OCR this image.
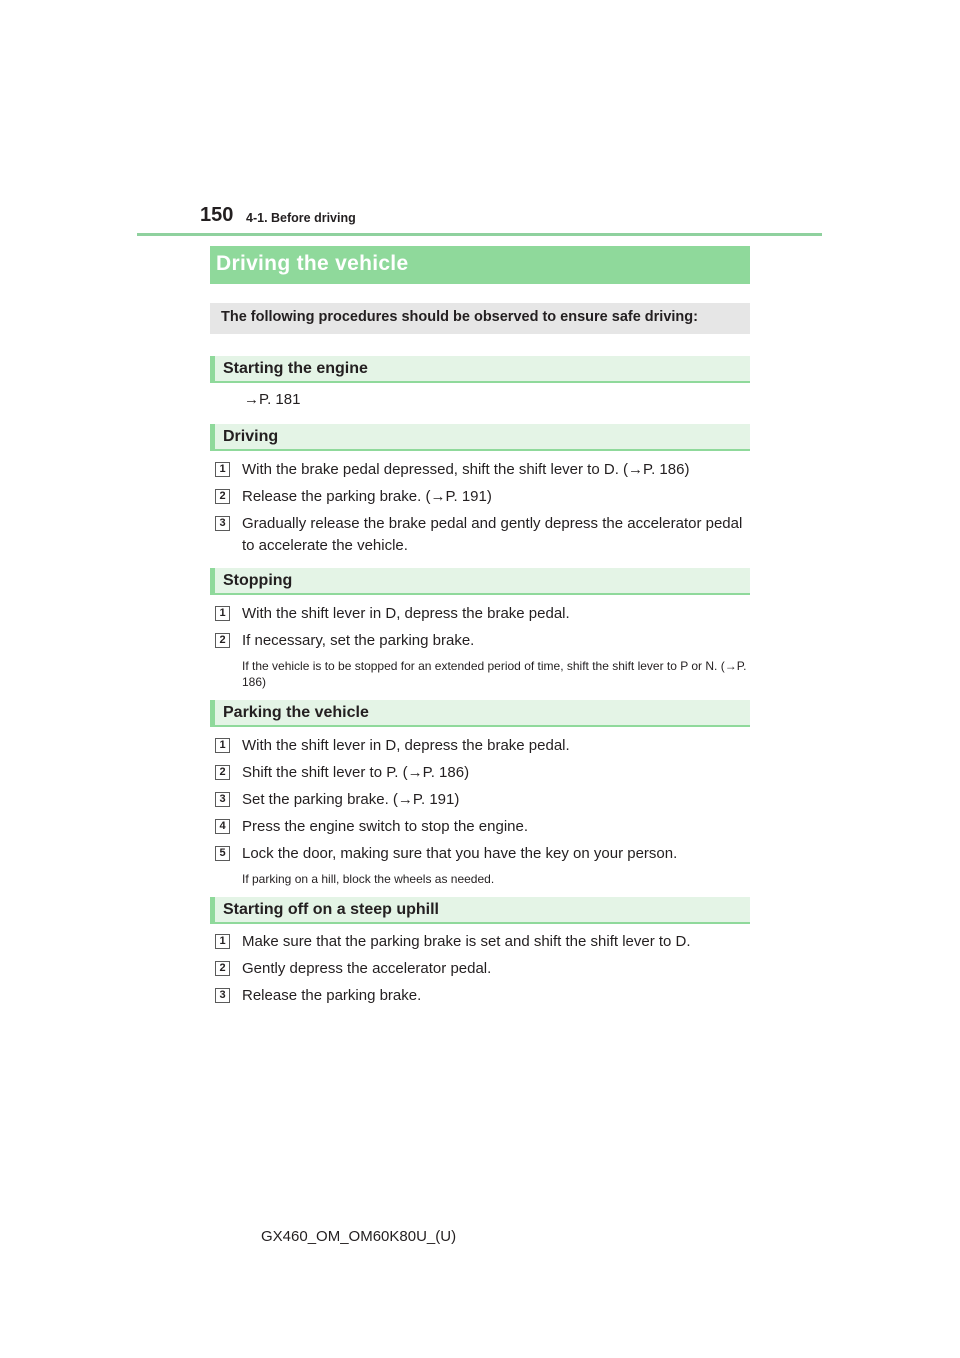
150 4-1. Before driving
Driving the vehicle
The following procedures should be observed to ensure safe driving:
Starting the engine
→P. 181
Driving
1 With the brake pedal depressed, shift the shift lever to D. (→P. 186)
2 Release the parking brake. (→P. 191)
3 Gradually release the brake pedal and gently depress the accelerator pedal to accelerate the vehicle.
Stopping
1 With the shift lever in D, depress the brake pedal.
2 If necessary, set the parking brake.
If the vehicle is to be stopped for an extended period of time, shift the shift lever to P or N. (→P. 186)
Parking the vehicle
1 With the shift lever in D, depress the brake pedal.
2 Shift the shift lever to P. (→P. 186)
3 Set the parking brake. (→P. 191)
4 Press the engine switch to stop the engine.
5 Lock the door, making sure that you have the key on your person.
If parking on a hill, block the wheels as needed.
Starting off on a steep uphill
1 Make sure that the parking brake is set and shift the shift lever to D.
2 Gently depress the accelerator pedal.
3 Release the parking brake.
GX460_OM_OM60K80U_(U)
